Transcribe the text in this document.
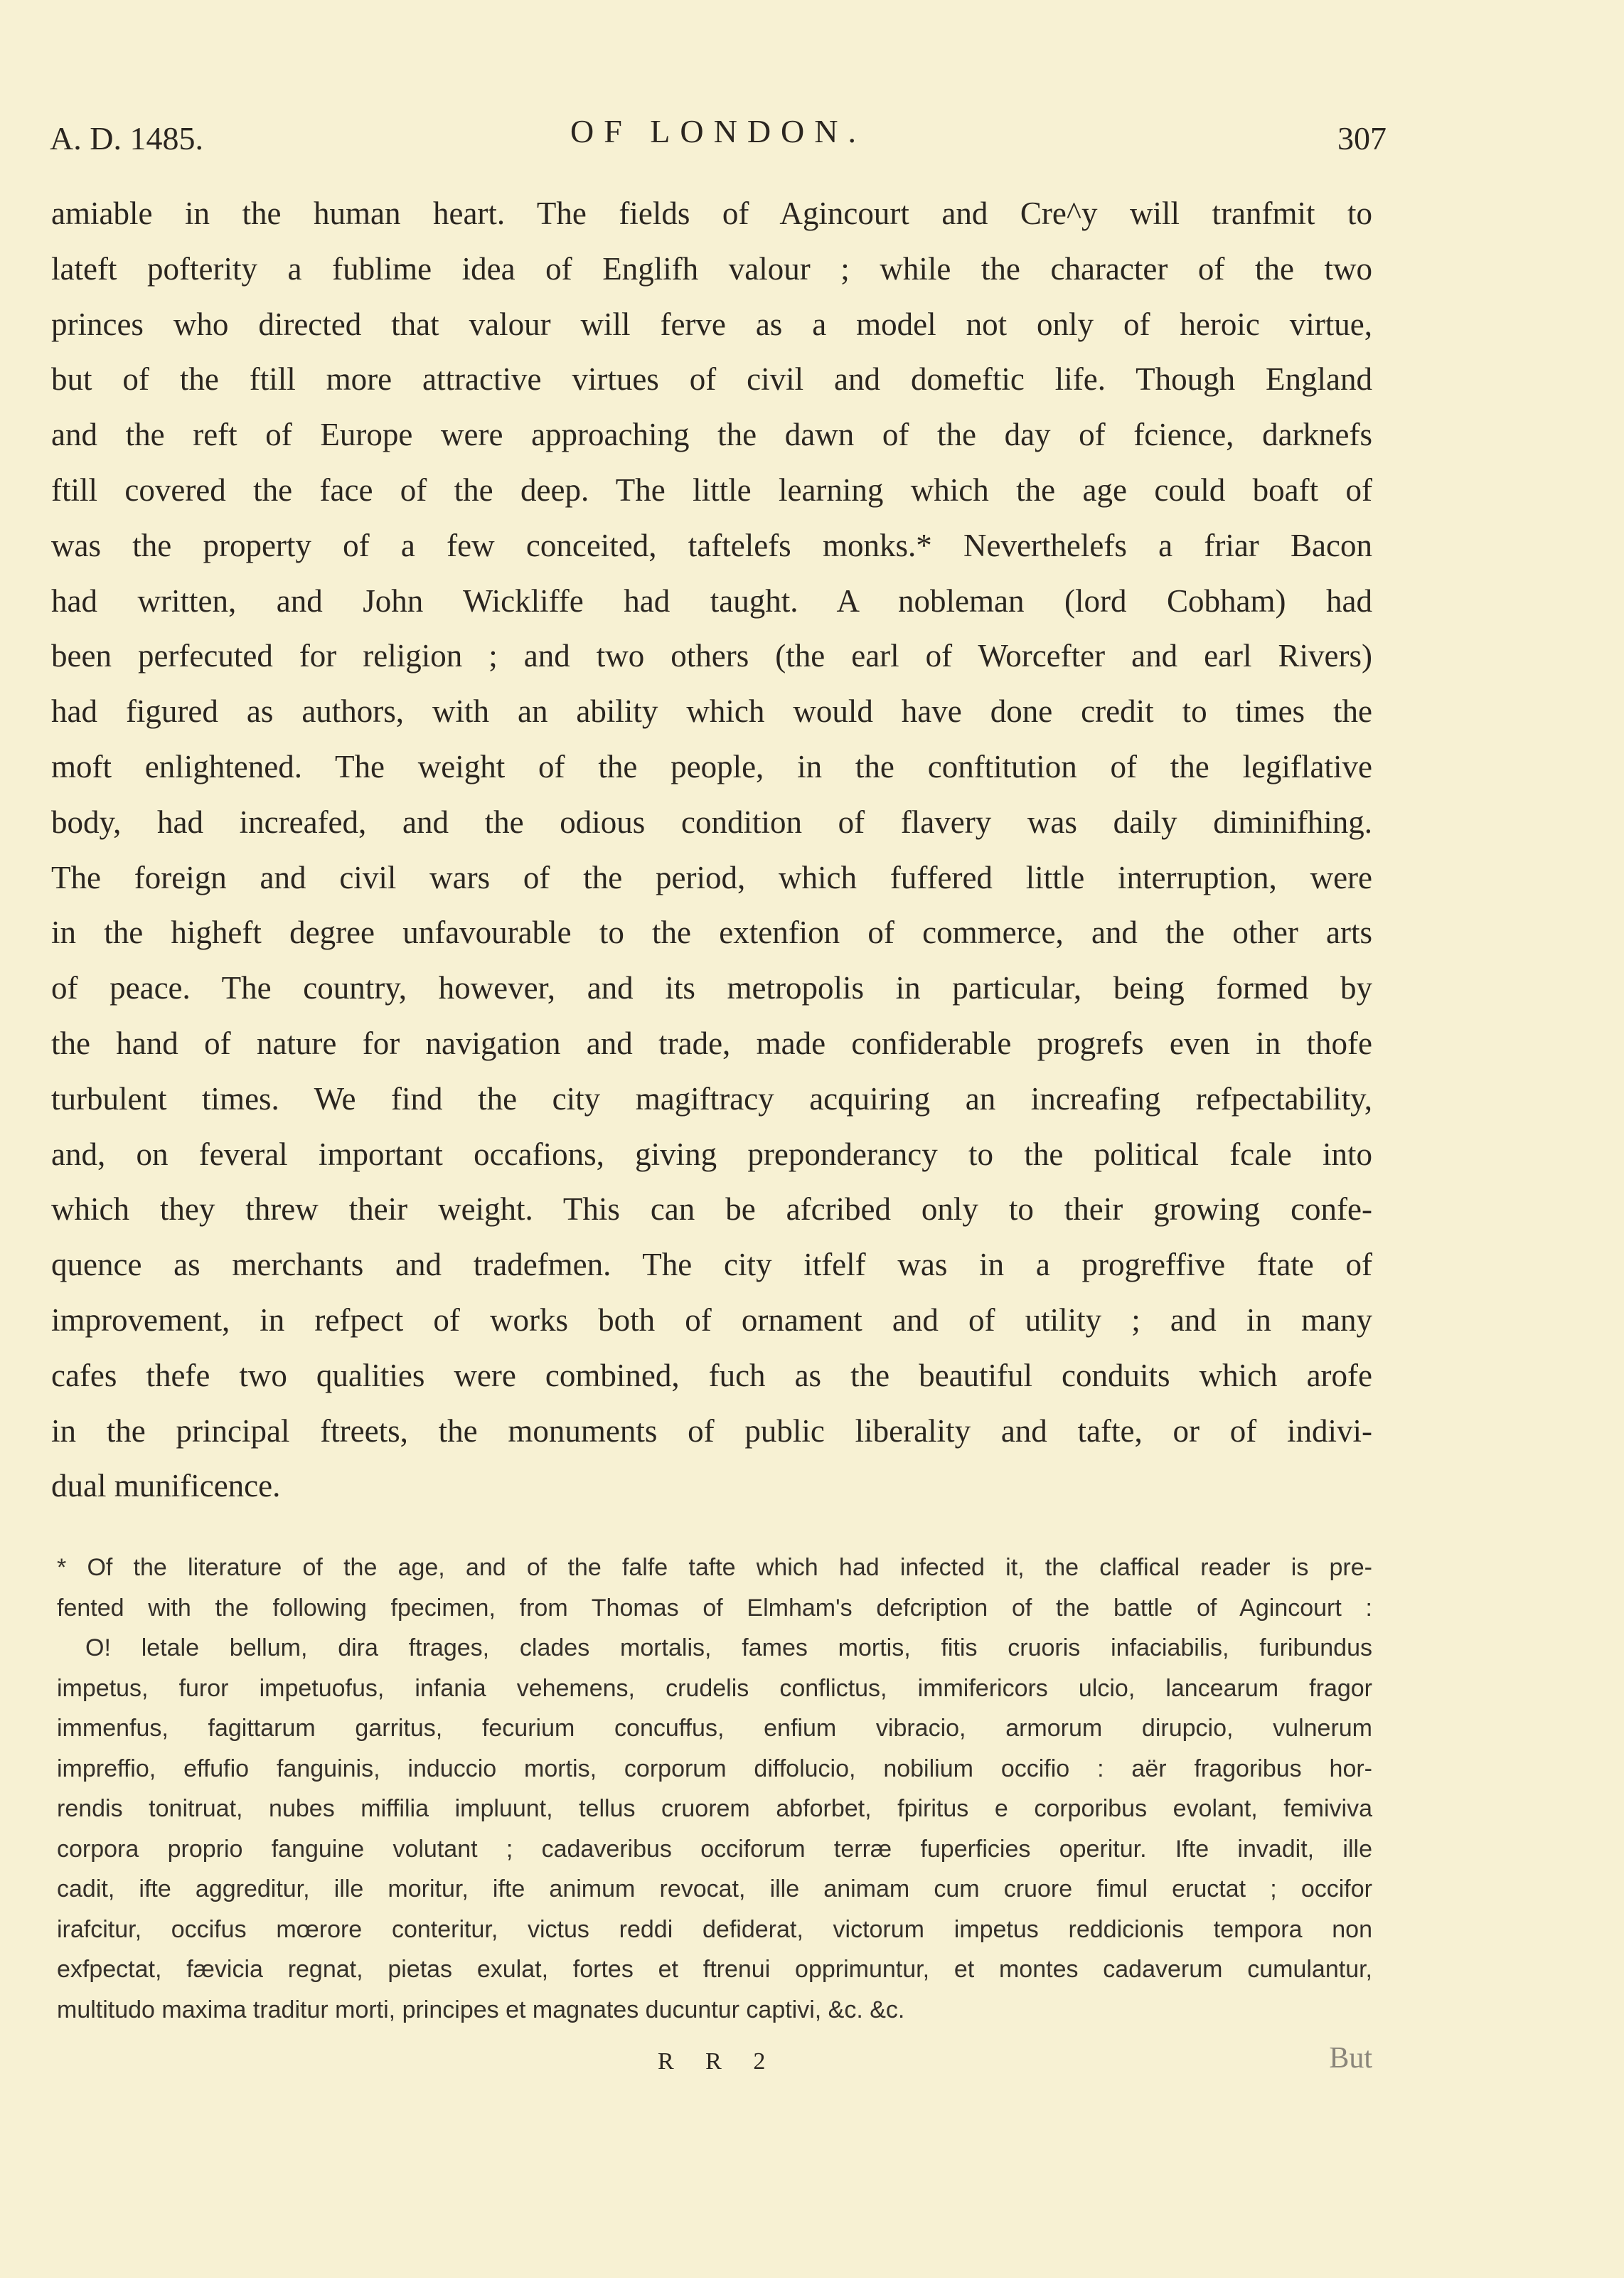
A. D. 1485.	OF LONDON.	307
amiable in the human heart. The fields of Agincourt and Cre^y will tranfmit to
lateft pofterity a fublime idea of Englifh valour ; while the character of the two
princes who directed that valour will ferve as a model not only of heroic virtue,
but of the ftill more attractive virtues of civil and domeftic life. Though England
and the reft of Europe were approaching the dawn of the day of fcience, darknefs
ftill covered the face of the deep. The little learning which the age could boaft of
was the property of a few conceited, taftelefs monks.* Neverthelefs a friar Bacon
had written, and John Wickliffe had taught. A nobleman (lord Cobham) had
been perfecuted for religion ; and two others (the earl of Worcefter and earl Rivers)
had figured as authors, with an ability which would have done credit to times the
moft enlightened. The weight of the people, in the conftitution of the legiflative
body, had increafed, and the odious condition of flavery was daily diminifhing.
The foreign and civil wars of the period, which fuffered little interruption, were
in the higheft degree unfavourable to the extenfion of commerce, and the other arts
of peace. The country, however, and its metropolis in particular, being formed by
the hand of nature for navigation and trade, made confiderable progrefs even in thofe
turbulent times. We find the city magiftracy acquiring an increafing refpectability,
and, on feveral important occafions, giving preponderancy to the political fcale into
which they threw their weight. This can be afcribed only to their growing confe-
quence as merchants and tradefmen. The city itfelf was in a progreffive ftate of
improvement, in refpect of works both of ornament and of utility ; and in many
cafes thefe two qualities were combined, fuch as the beautiful conduits which arofe
in the principal ftreets, the monuments of public liberality and tafte, or of indivi-
dual munificence.
* Of the literature of the age, and of the falfe tafte which had infected it, the claffical reader is pre-
fented with the following fpecimen, from Thomas of Elmham's defcription of the battle of Agincourt :
O! letale bellum, dira ftrages, clades mortalis, fames mortis, fitis cruoris infaciabilis, furibundus
impetus, furor impetuofus, infania vehemens, crudelis conflictus, immifericors ulcio, lancearum fragor
immenfus, fagittarum garritus, fecurium concuffus, enfium vibracio, armorum dirupcio, vulnerum
impreffio, effufio fanguinis, induccio mortis, corporum diffolucio, nobilium occifio : aër fragoribus hor-
rendis tonitruat, nubes miffilia impluunt, tellus cruorem abforbet, fpiritus e corporibus evolant, femiviva
corpora proprio fanguine volutant ; cadaveribus occiforum terræ fuperficies operitur. Ifte invadit, ille
cadit, ifte aggreditur, ille moritur, ifte animum revocat, ille animam cum cruore fimul eructat ; occifor
irafcitur, occifus mœrore conteritur, victus reddi defiderat, victorum impetus reddicionis tempora non
exfpectat, fævicia regnat, pietas exulat, fortes et ftrenui opprimuntur, et montes cadaverum cumulantur,
multitudo maxima traditur morti, principes et magnates ducuntur captivi, &c. &c.
R R 2	But
